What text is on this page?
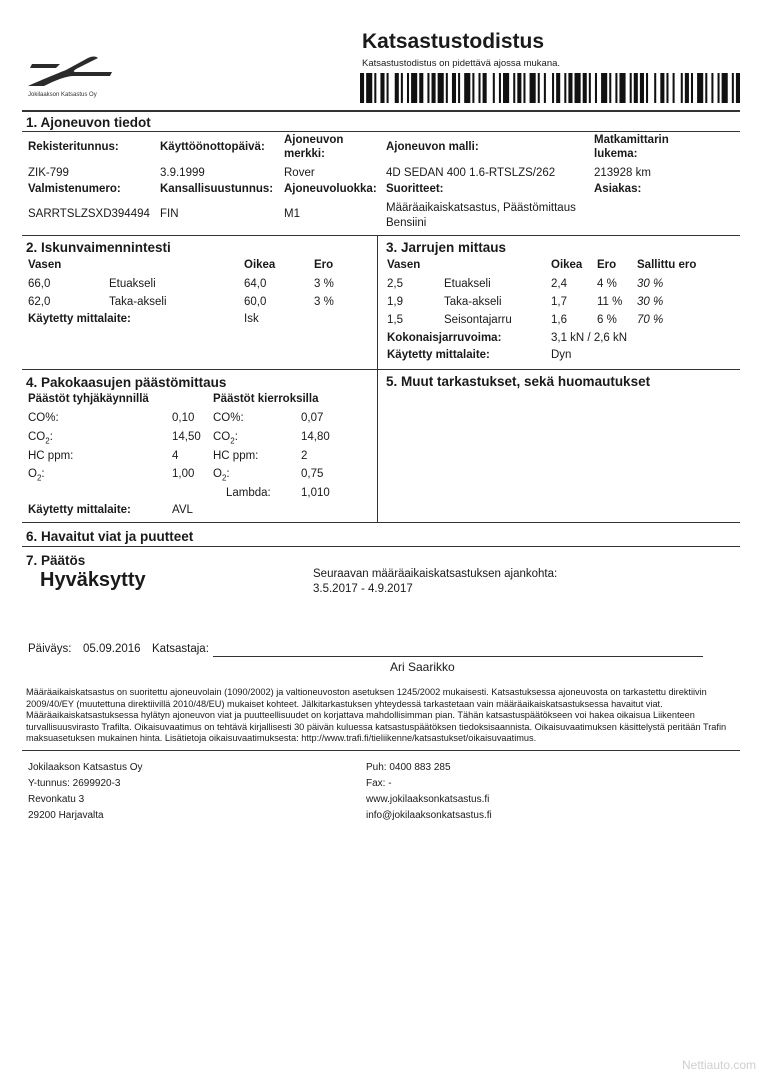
Jokilaakson Katsastus Oy
Katsastustodistus
Katsastustodistus on pidettävä ajossa mukana.
1. Ajoneuvon tiedot
Rekisteritunnus:	Käyttöönottopäivä:
Ajoneuvon
merkki:
Ajoneuvon malli:
Matkamittarin
lukema:
ZIK-799	3.9.1999	Rover	4D SEDAN 400 1.6-RTSLZS/262	213928 km
Valmistenumero:	Kansallisuustunnus: Ajoneuvoluokka: Suoritteet:	Asiakas:
SARRTSLZSXD394494 FIN	M1	Määräaikaiskatsastus, Päästömittaus
Bensiini
2. Iskunvaimennintesti
Vasen	Oikea	Ero
66,0	Etuakseli	64,0	3 %
62,0	Taka-akseli	60,0	3 %
Käytetty mittalaite:	Isk
3. Jarrujen mittaus
Vasen	Oikea Ero Sallittu ero
2,5	Etuakseli	2,4	4 % 30 %
1,9	Taka-akseli	1,7	11 % 30 %
1,5	Seisontajarru	1,6	6 % 70 %
Kokonaisjarruvoima:	3,1 kN / 2,6 kN
Käytetty mittalaite:	Dyn
4. Pakokaasujen päästömittaus
Päästöt tyhjäkäynnillä	Päästöt kierroksilla
CO%:	0,10 CO%:	0,07
$CO_2$:	14,50 $CO_2$:	14,80
HC ppm:	4	HC ppm:	2
$O_2$:	1,00 $O_2$:	0,75
Lambda:	1,010
Käytetty mittalaite:	AVL
5. Muut tarkastukset, sekä huomautukset
6. Havaitut viat ja puutteet
7. Päätös
Hyväksytty	Seuraavan määräaikaiskatsastuksen ajankohta:
3.5.2017 - 4.9.2017
Päiväys: 05.09.2016 Katsastaja:
Ari Saarikko

Määräaikaiskatsastus on suoritettu ajoneuvolain (1090/2002) ja valtioneuvoston asetuksen 1245/2002 mukaisesti. Katsastuksessa ajoneuvosta on tarkastettu direktiivin 2009/40/EY (muutettuna direktiivillä 2010/48/EU) mukaiset kohteet. Jälkitarkastuksen yhteydessä tarkastetaan vain määräaikaiskatsastuksessa havaitut viat. Määräaikaiskatsastuksessa hylätyn ajoneuvon viat ja puutteellisuudet on korjattava mahdollisimman pian. Tähän katsastuspäätökseen voi hakea oikaisua Liikenteen turvallisuusvirasto Trafilta. Oikaisuvaatimus on tehtävä kirjallisesti 30 päivän kuluessa katsastuspäätöksen tiedoksisaannista. Oikaisuvaatimuksen käsittelystä peritään Trafin maksuasetuksen mukainen hinta. Lisätietoja oikaisuvaatimuksesta: http://www.trafi.fi/tieliikenne/katsastukset/oikaisuvaatimus.

Jokilaakson Katsastus Oy
Y-tunnus: 2699920-3
Revonkatu 3
29200 Harjavalta
Puh: 0400 883 285
Fax: -
www.jokilaaksonkatsastus.fi
info@jokilaaksonkatsastus.fi
Nettiauto.com
